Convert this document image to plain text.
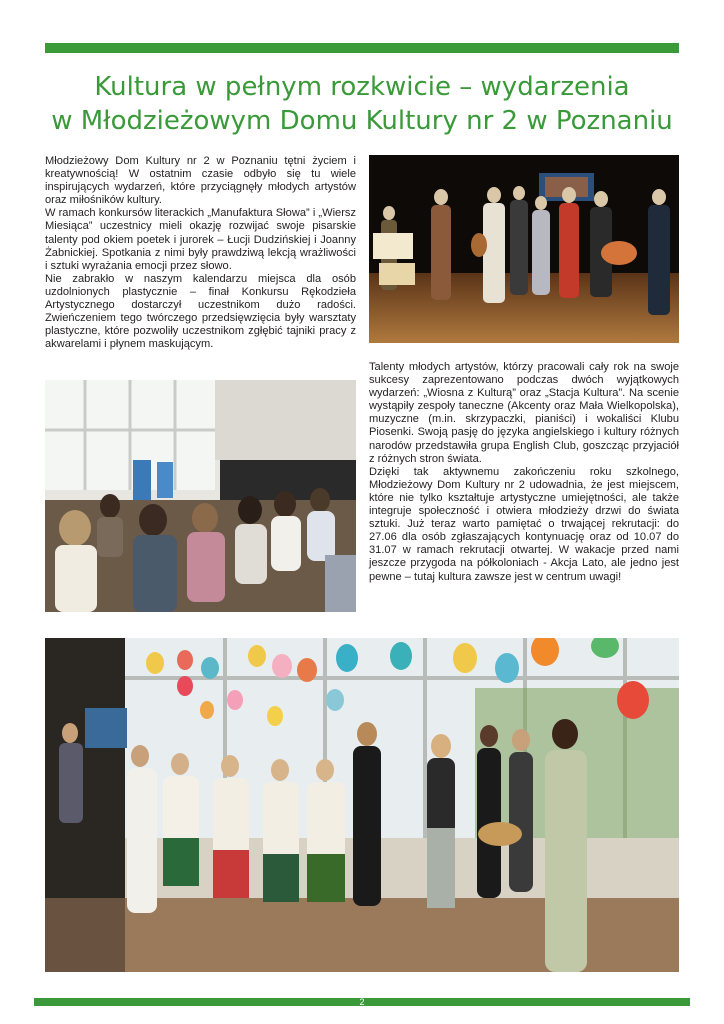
Kultura w pełnym rozkwicie – wydarzenia
w Młodzieżowym Domu Kultury nr 2 w Poznaniu

Młodzieżowy Dom Kultury nr 2 w Poznaniu tętni życiem i kreatywnością! W ostatnim czasie odbyło się tu wiele inspirujących wydarzeń, które przyciągnęły młodych artystów oraz miłośników kultury.

W ramach konkursów literackich „Manufaktura Słowa” i „Wiersz Miesiąca” uczestnicy mieli okazję rozwijać swoje pisarskie talenty pod okiem poetek i jurorek – Łucji Dudzińskiej i Joanny Żabnickiej. Spotkania z nimi były prawdziwą lekcją wrażliwości i sztuki wyrażania emocji przez słowo.

Nie zabrakło w naszym kalendarzu miejsca dla osób uzdolnionych plastycznie – finał Konkursu Rękodzieła Artystycznego dostarczył uczestnikom dużo radości. Zwieńczeniem tego twórczego przedsięwzięcia były warsztaty plastyczne, które pozwoliły uczestnikom zgłębić tajniki pracy z akwarelami i płynem maskującym.

Talenty młodych artystów, którzy pracowali cały rok na swoje sukcesy zaprezentowano podczas dwóch wyjątkowych wydarzeń: „Wiosna z Kulturą” oraz „Stacja Kultura”. Na scenie wystąpiły zespoły taneczne (Akcenty oraz Mała Wielkopolska), muzyczne (m.in. skrzypaczki, pianiści) i wokaliści Klubu Piosenki. Swoją pasję do języka angielskiego i kultury różnych narodów przedstawiła grupa English Club, goszcząc przyjaciół z różnych stron świata.

Dzięki tak aktywnemu zakończeniu roku szkolnego, Młodzieżowy Dom Kultury nr 2 udowadnia, że jest miejscem, które nie tylko kształtuje artystyczne umiejętności, ale także integruje społeczność i otwiera młodzieży drzwi do świata sztuki. Już teraz warto pamiętać o trwającej rekrutacji: do 27.06 dla osób zgłaszających kontynuację oraz od 10.07 do 31.07 w ramach rekrutacji otwartej. W wakacje przed nami jeszcze przygoda na półkoloniach - Akcja Lato, ale jedno jest pewne – tutaj kultura zawsze jest w centrum uwagi!

2
